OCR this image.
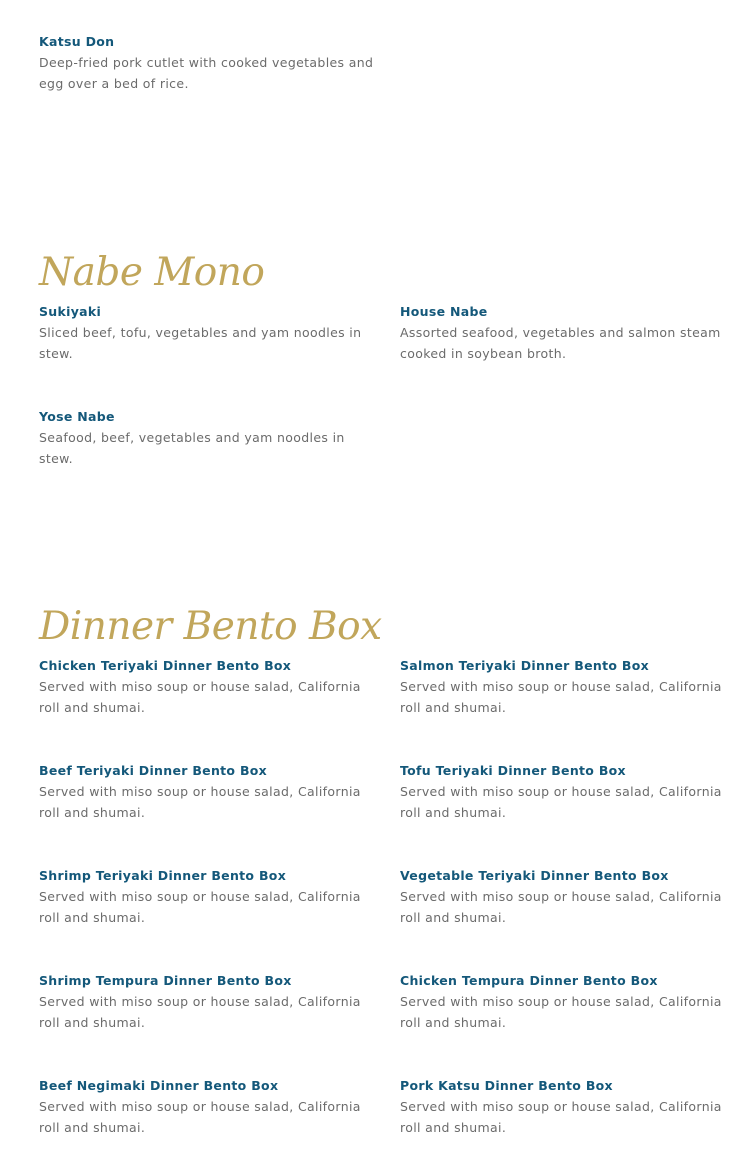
Katsu Don

Deep-fried pork cutlet with cooked vegetables and egg over a bed of rice.

Nabe Mono

Sukiyaki

Sliced beef, tofu, vegetables and yam noodles in stew.

House Nabe

Assorted seafood, vegetables and salmon steam cooked in soybean broth.

Yose Nabe

Seafood, beef, vegetables and yam noodles in stew.

Dinner Bento Box

Chicken Teriyaki Dinner Bento Box

Served with miso soup or house salad, California roll and shumai.

Salmon Teriyaki Dinner Bento Box

Served with miso soup or house salad, California roll and shumai.

Beef Teriyaki Dinner Bento Box

Served with miso soup or house salad, California roll and shumai.

Tofu Teriyaki Dinner Bento Box

Served with miso soup or house salad, California roll and shumai.

Shrimp Teriyaki Dinner Bento Box

Served with miso soup or house salad, California roll and shumai.

Vegetable Teriyaki Dinner Bento Box

Served with miso soup or house salad, California roll and shumai.

Shrimp Tempura Dinner Bento Box

Served with miso soup or house salad, California roll and shumai.

Chicken Tempura Dinner Bento Box

Served with miso soup or house salad, California roll and shumai.

Beef Negimaki Dinner Bento Box

Served with miso soup or house salad, California roll and shumai.

Pork Katsu Dinner Bento Box

Served with miso soup or house salad, California roll and shumai.
